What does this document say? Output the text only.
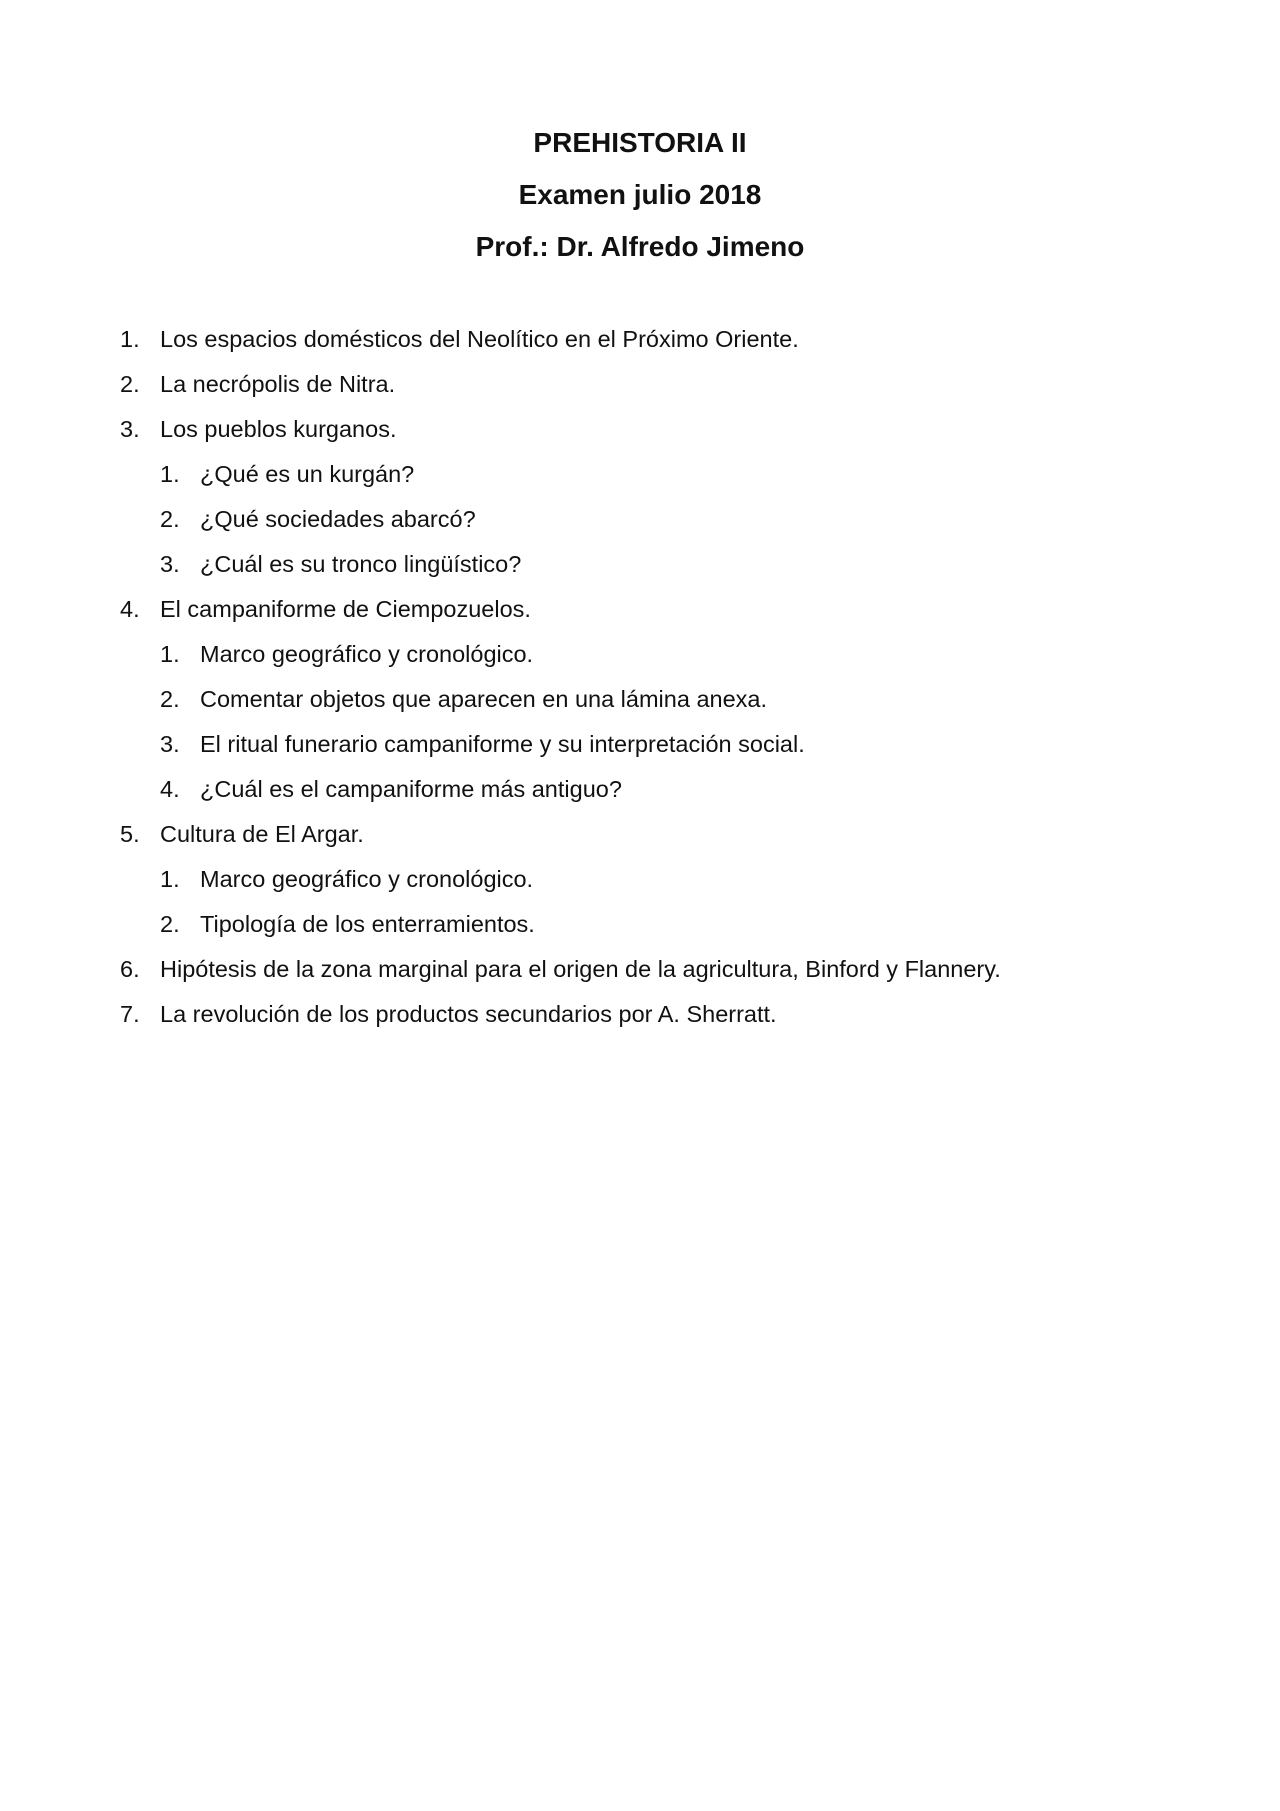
PREHISTORIA II
Examen julio 2018
Prof.: Dr. Alfredo Jimeno
1. Los espacios domésticos del Neolítico en el Próximo Oriente.
2. La necrópolis de Nitra.
3. Los pueblos kurganos.
1. ¿Qué es un kurgán?
2. ¿Qué sociedades abarcó?
3. ¿Cuál es su tronco lingüístico?
4. El campaniforme de Ciempozuelos.
1. Marco geográfico y cronológico.
2. Comentar objetos que aparecen en una lámina anexa.
3. El ritual funerario campaniforme y su interpretación social.
4. ¿Cuál es el campaniforme más antiguo?
5. Cultura de El Argar.
1. Marco geográfico y cronológico.
2. Tipología de los enterramientos.
6. Hipótesis de la zona marginal para el origen de la agricultura, Binford y Flannery.
7. La revolución de los productos secundarios por A. Sherratt.
